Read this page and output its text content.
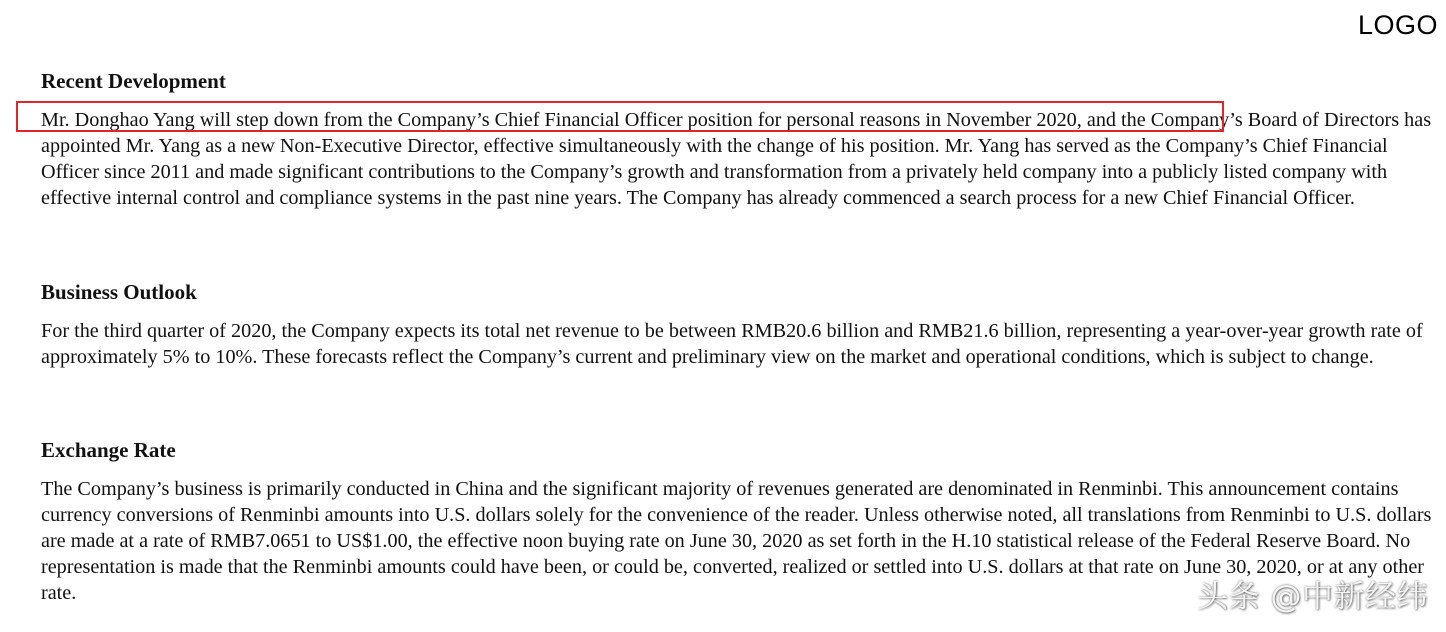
LOGO
Recent Development

Mr. Donghao Yang will step down from the Company’s Chief Financial Officer position for personal reasons in November 2020, and the Company’s Board of Directors has appointed Mr. Yang as a new Non-Executive Director, effective simultaneously with the change of his position. Mr. Yang has served as the Company’s Chief Financial Officer since 2011 and made significant contributions to the Company’s growth and transformation from a privately held company into a publicly listed company with effective internal control and compliance systems in the past nine years. The Company has already commenced a search process for a new Chief Financial Officer.

Business Outlook

For the third quarter of 2020, the Company expects its total net revenue to be between RMB20.6 billion and RMB21.6 billion, representing a year-over-year growth rate of approximately 5% to 10%. These forecasts reflect the Company’s current and preliminary view on the market and operational conditions, which is subject to change.

Exchange Rate

The Company’s business is primarily conducted in China and the significant majority of revenues generated are denominated in Renminbi. This announcement contains currency conversions of Renminbi amounts into U.S. dollars solely for the convenience of the reader. Unless otherwise noted, all translations from Renminbi to U.S. dollars are made at a rate of RMB7.0651 to US$1.00, the effective noon buying rate on June 30, 2020 as set forth in the H.10 statistical release of the Federal Reserve Board. No representation is made that the Renminbi amounts could have been, or could be, converted, realized or settled into U.S. dollars at that rate on June 30, 2020, or at any other rate.	头条 @中新经纬
